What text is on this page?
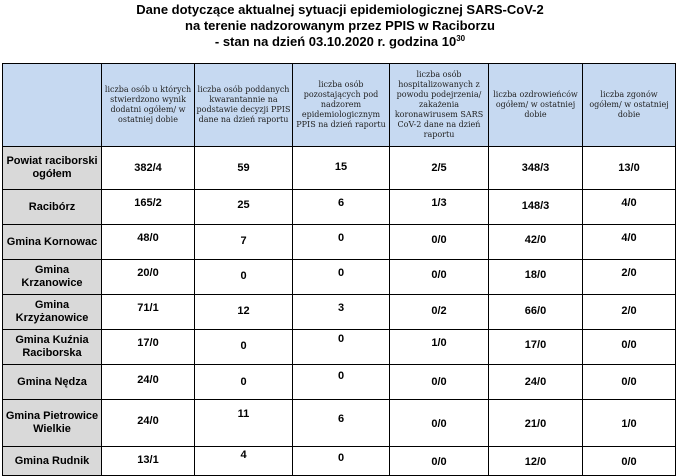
Dane dotyczące aktualnej sytuacji epidemiologicznej SARS-CoV-2
na terenie nadzorowanym przez PPIS w Raciborzu
- stan na dzień 03.10.2020 r. godzina $10^{30}$
	liczba osób u których stwierdzono wynik dodatni ogółem/ w ostatniej dobie	liczba osób poddanych kwarantannie na podstawie decyzji PPIS dane na dzień raportu	liczba osób pozostających pod nadzorem epidemiologicznym PPIS na dzień raportu	liczba osób hospitalizowanych z powodu podejrzenia/ zakażenia koronawirusem SARS CoV-2 dane na dzień raportu	liczba ozdrowieńców ogółem/ w ostatniej dobie	liczba zgonów ogółem/ w ostatniej dobie
Powiat raciborski ogółem	382/4	59	15	2/5	348/3	13/0

Racibórz	165/2	25	6	1/3	148/3	4/0

Gmina Kornowac	48/0	7	0	0/0	42/0	4/0

Gmina Krzanowice	20/0	0	0	0/0	18/0	2/0

Gmina Krzyżanowice	71/1	12	3	0/2	66/0	2/0

Gmina Kuźnia Raciborska	17/0	0	0	1/0	17/0	0/0

Gmina Nędza	24/0	0	0	0/0	24/0	0/0

Gmina Pietrowice Wielkie	24/0	11	6	0/0	21/0	1/0

Gmina Rudnik	13/1	4	0	0/0	12/0	0/0
